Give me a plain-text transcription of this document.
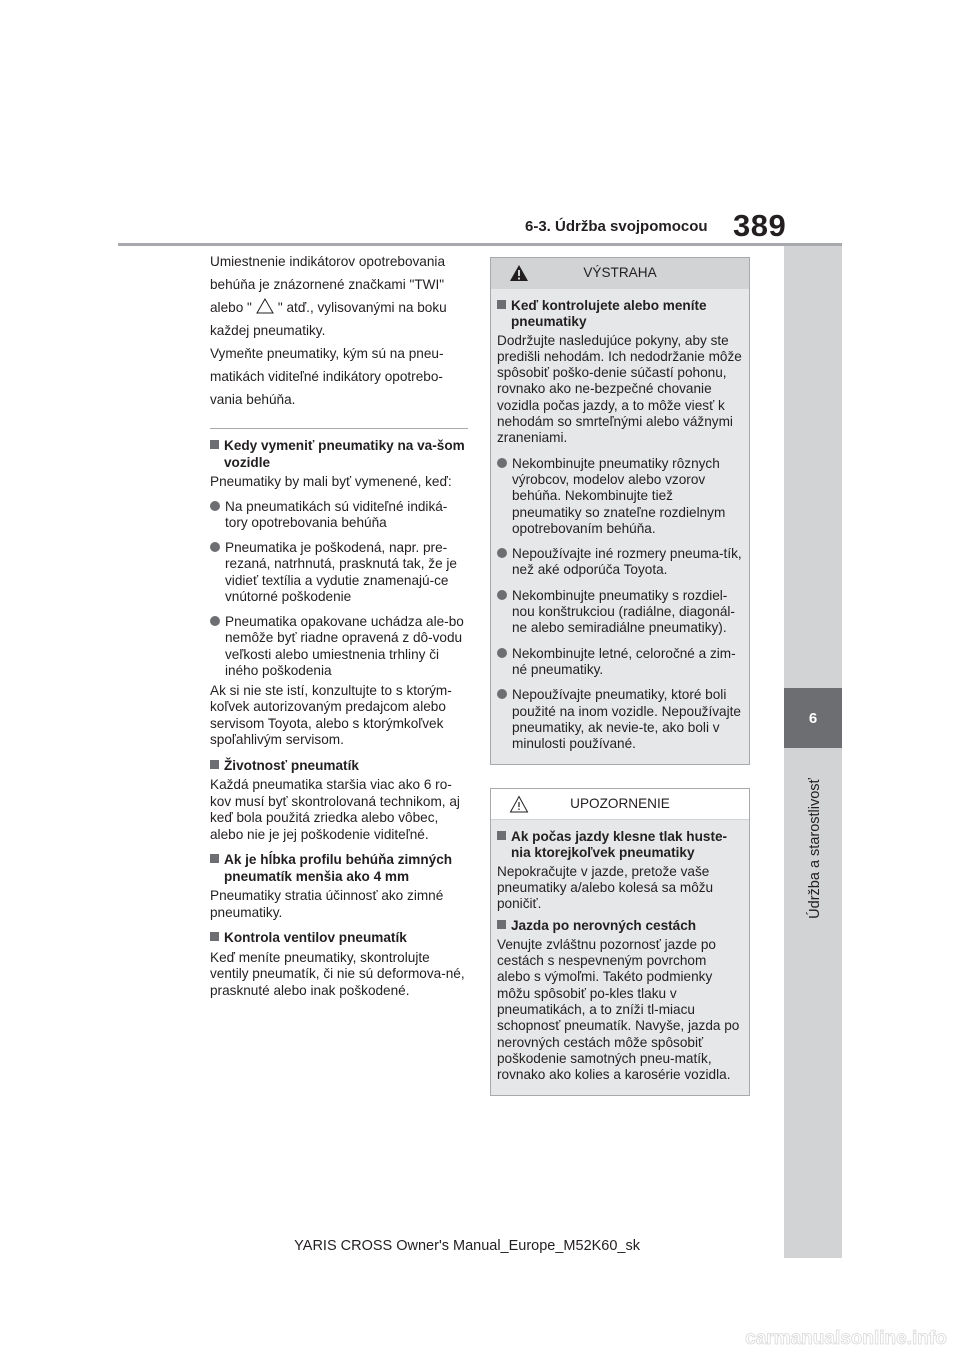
6-3. Údržba svojpomocou 389
6
Údržba a starostlivosť

Umiestnenie indikátorov opotrebovania

behúňa je znázornené značkami "TWI"

alebo " " atď., vylisovanými na boku

každej pneumatiky.

Vymeňte pneumatiky, kým sú na pneu-

matikách viditeľné indikátory opotrebo-

vania behúňa.

Kedy vymeniť pneumatiky na va-šom vozidle
Pneumatiky by mali byť vymenené, keď:
Na pneumatikách sú viditeľné indiká-tory opotrebovania behúňa
Pneumatika je poškodená, napr. pre-rezaná, natrhnutá, prasknutá tak, že je vidieť textília a vydutie znamenajú-ce vnútorné poškodenie
Pneumatika opakovane uchádza ale-bo nemôže byť riadne opravená z dô-vodu veľkosti alebo umiestnenia trhliny či iného poškodenia
Ak si nie ste istí, konzultujte to s ktorým-koľvek autorizovaným predajcom alebo servisom Toyota, alebo s ktorýmkoľvek spoľahlivým servisom.
Životnosť pneumatík
Každá pneumatika staršia viac ako 6 ro-kov musí byť skontrolovaná technikom, aj keď bola použitá zriedka alebo vôbec, alebo nie je jej poškodenie viditeľné.
Ak je hĺbka profilu behúňa zimných pneumatík menšia ako 4 mm
Pneumatiky stratia účinnosť ako zimné pneumatiky.
Kontrola ventilov pneumatík
Keď meníte pneumatiky, skontrolujte ventily pneumatík, či nie sú deformova-né, prasknuté alebo inak poškodené.
VÝSTRAHA
Keď kontrolujete alebo meníte pneumatiky
Dodržujte nasledujúce pokyny, aby ste predišli nehodám. Ich nedodržanie môže spôsobiť poško-denie súčastí pohonu, rovnako ako ne-bezpečné chovanie vozidla počas jazdy, a to môže viesť k nehodám so smrteľnými alebo vážnymi zraneniami.
Nekombinujte pneumatiky rôznych výrobcov, modelov alebo vzorov behúňa. Nekombinujte tiež pneumatiky so znateľne rozdielnym opotrebovaním behúňa.
Nepoužívajte iné rozmery pneuma-tík, než aké odporúča Toyota.
Nekombinujte pneumatiky s rozdiel-nou konštrukciou (radiálne, diagonál-ne alebo semiradiálne pneumatiky).
Nekombinujte letné, celoročné a zim-né pneumatiky.
Nepoužívajte pneumatiky, ktoré boli použité na inom vozidle. Nepoužívajte pneumatiky, ak nevie-te, ako boli v minulosti používané.
UPOZORNENIE
Ak počas jazdy klesne tlak huste-nia ktorejkoľvek pneumatiky
Nepokračujte v jazde, pretože vaše pneumatiky a/alebo kolesá sa môžu poničiť.
Jazda po nerovných cestách
Venujte zvláštnu pozornosť jazde po cestách s nespevneným povrchom alebo s výmoľmi. Takéto podmienky môžu spôsobiť po-kles tlaku v pneumatikách, a to zníži tl-miacu schopnosť pneumatík. Navyše, jazda po nerovných cestách môže spôsobiť poškodenie samotných pneu-matík, rovnako ako kolies a karosérie vozidla.
YARIS CROSS Owner's Manual_Europe_M52K60_sk
carmanualsonline.info
